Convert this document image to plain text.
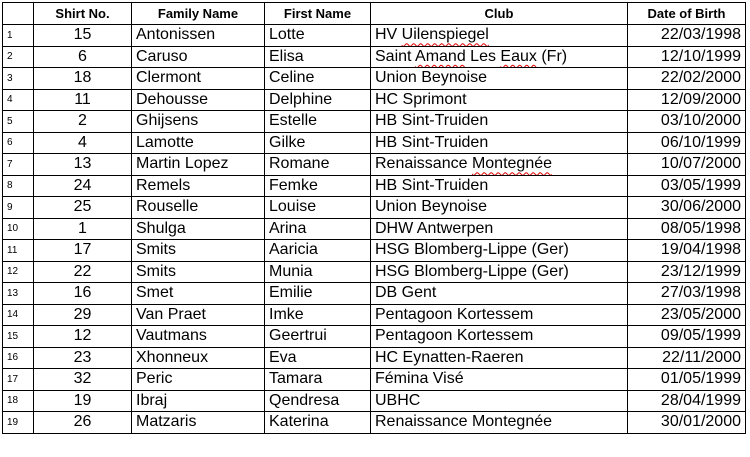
	Shirt No.	Family Name	First Name	Club	Date of Birth
1	15	Antonissen	Lotte	HV Uilenspiegel	22/03/1998
2	6	Caruso	Elisa	Saint Amand Les Eaux (Fr)	12/10/1999
3	18	Clermont	Celine	Union Beynoise	22/02/2000
4	11	Dehousse	Delphine	HC Sprimont	12/09/2000
5	2	Ghijsens	Estelle	HB Sint-Truiden	03/10/2000
6	4	Lamotte	Gilke	HB Sint-Truiden	06/10/1999
7	13	Martin Lopez	Romane	Renaissance Montegnée	10/07/2000
8	24	Remels	Femke	HB Sint-Truiden	03/05/1999
9	25	Rouselle	Louise	Union Beynoise	30/06/2000
10	1	Shulga	Arina	DHW Antwerpen	08/05/1998
11	17	Smits	Aaricia	HSG Blomberg-Lippe (Ger)	19/04/1998
12	22	Smits	Munia	HSG Blomberg-Lippe (Ger)	23/12/1999
13	16	Smet	Emilie	DB Gent	27/03/1998
14	29	Van Praet	Imke	Pentagoon Kortessem	23/05/2000
15	12	Vautmans	Geertrui	Pentagoon Kortessem	09/05/1999
16	23	Xhonneux	Eva	HC Eynatten-Raeren	22/11/2000
17	32	Peric	Tamara	Fémina Visé	01/05/1999
18	19	Ibraj	Qendresa	UBHC	28/04/1999
19	26	Matzaris	Katerina	Renaissance Montegnée	30/01/2000
